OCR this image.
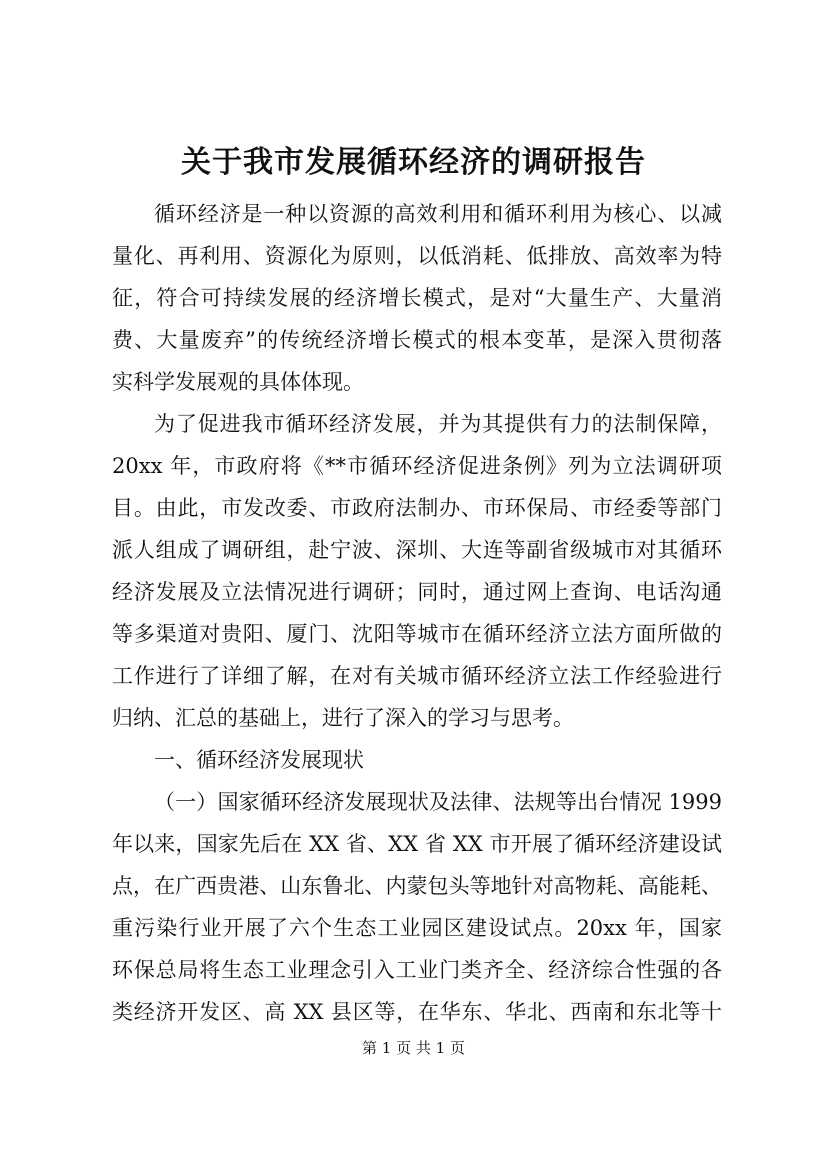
关于我市发展循环经济的调研报告
循环经济是一种以资源的高效利用和循环利用为核心、以减
量化、再利用、资源化为原则，以低消耗、低排放、高效率为特
征，符合可持续发展的经济增长模式，是对“大量生产、大量消
费、大量废弃”的传统经济增长模式的根本变革，是深入贯彻落
实科学发展观的具体体现。
为了促进我市循环经济发展，并为其提供有力的法制保障，
20xx 年，市政府将《**市循环经济促进条例》列为立法调研项
目。由此，市发改委、市政府法制办、市环保局、市经委等部门
派人组成了调研组，赴宁波、深圳、大连等副省级城市对其循环
经济发展及立法情况进行调研；同时，通过网上查询、电话沟通
等多渠道对贵阳、厦门、沈阳等城市在循环经济立法方面所做的
工作进行了详细了解，在对有关城市循环经济立法工作经验进行
归纳、汇总的基础上，进行了深入的学习与思考。
一、循环经济发展现状
（一）国家循环经济发展现状及法律、法规等出台情况 1999
年以来，国家先后在 XX 省、XX 省 XX 市开展了循环经济建设试
点，在广西贵港、山东鲁北、内蒙包头等地针对高物耗、高能耗、
重污染行业开展了六个生态工业园区建设试点。20xx 年，国家
环保总局将生态工业理念引入工业门类齐全、经济综合性强的各
类经济开发区、高 XX 县区等，在华东、华北、西南和东北等十
第 1 页 共 1 页
